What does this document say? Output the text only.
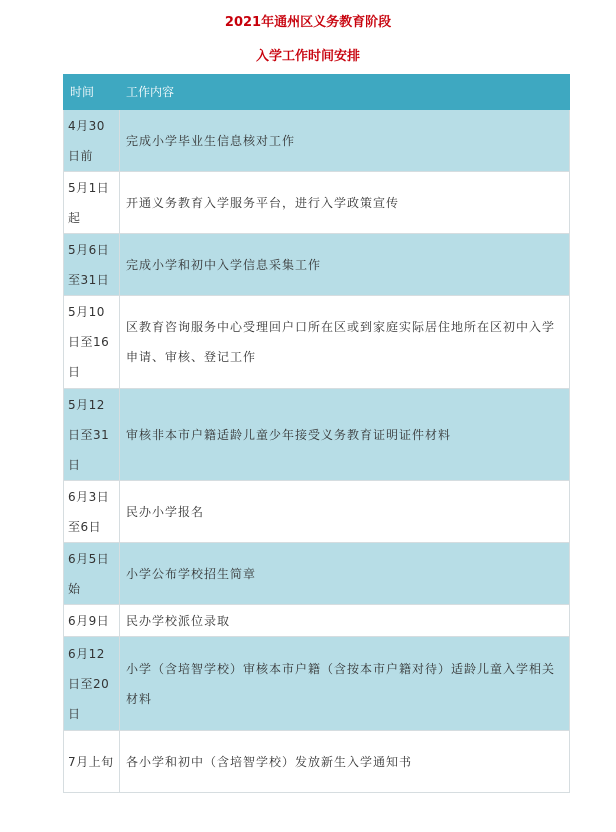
2021年通州区义务教育阶段
入学工作时间安排
时间	工作内容
4月30日前	完成小学毕业生信息核对工作
5月1日起	开通义务教育入学服务平台，进行入学政策宣传
5月6日至31日	完成小学和初中入学信息采集工作
5月10日至16日	区教育咨询服务中心受理回户口所在区或到家庭实际居住地所在区初中入学申请、审核、登记工作
5月12日至31日	审核非本市户籍适龄儿童少年接受义务教育证明证件材料
6月3日至6日	民办小学报名
6月5日始	小学公布学校招生简章
6月9日	民办学校派位录取
6月12日至20日	小学（含培智学校）审核本市户籍（含按本市户籍对待）适龄儿童入学相关材料
7月上旬	各小学和初中（含培智学校）发放新生入学通知书
